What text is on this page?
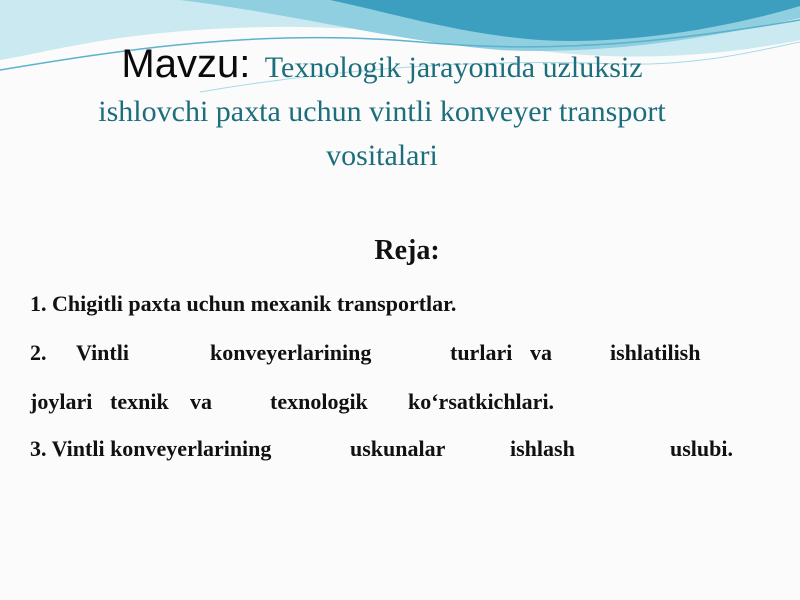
Mavzu: Texnologik jarayonida uzluksiz
ishlovchi paxta uchun vintli konveyer transport
vositalari
Reja:
1. Chigitli paxta uchun mexanik transportlar.
2. Vintli	konveyerlarining	turlari va	ishlatilish
joylari texnik va	texnologik ko‘rsatkichlari.
3. Vintli konveyerlarining	uskunalar	ishlash	uslubi.
